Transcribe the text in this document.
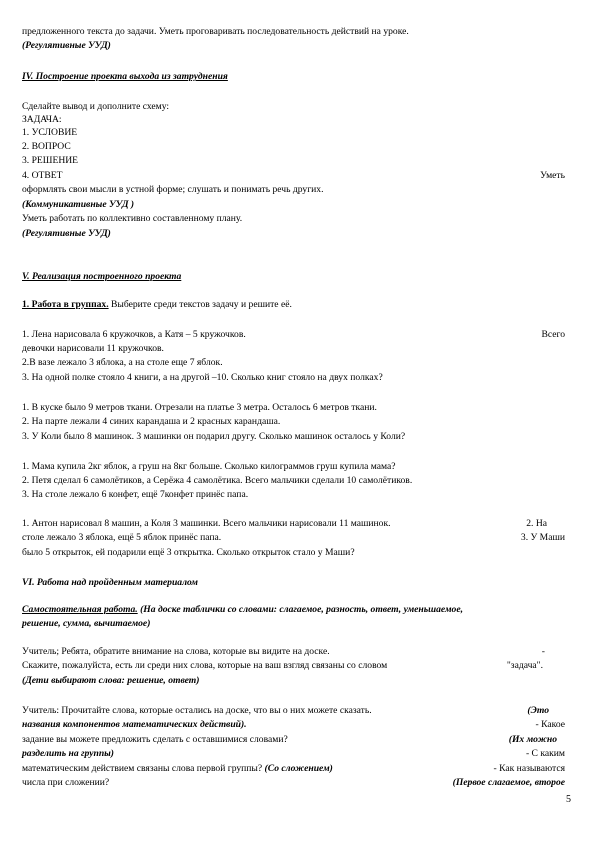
предложенного текста до задачи. Уметь проговаривать последовательность действий на уроке.

(Регулятивные УУД)

IV. Построение проекта выхода из затруднения

Сделайте вывод и дополните схему:

ЗАДАЧА:

1. УСЛОВИЕ

2. ВОПРОС

3. РЕШЕНИЕ

4. ОТВЕТ	Уметь

оформлять свои мысли в устной форме; слушать и понимать речь других.

(Коммуникативные УУД )

Уметь работать по коллективно составленному плану.

(Регулятивные УУД)

V. Реализация построенного проекта

1. Работа в группах. Выберите среди текстов задачу и решите её.

1. Лена нарисовала 6 кружочков, а Катя – 5 кружочков.	Всего

девочки нарисовали 11 кружочков.

2.В вазе лежало 3 яблока, а на столе еще 7 яблок.

3. На одной полке стояло 4 книги, а на другой –10. Сколько книг стояло на двух полках?

1. В куске было 9 метров ткани. Отрезали на платье 3 метра. Осталось 6 метров ткани.

2. На парте лежали 4 синих карандаша и 2 красных карандаша.

3. У Коли было 8 машинок. 3 машинки он подарил другу. Сколько машинок осталось у Коли?

1. Мама купила 2кг яблок, а груш на 8кг больше. Сколько килограммов груш купила мама?

2. Петя сделал 6 самолётиков, а Серёжа 4 самолётика. Всего мальчики сделали 10 самолётиков.

3. На столе лежало 6 конфет, ещё 7конфет принёс папа.

1. Антон нарисовал 8 машин, а Коля 3 машинки. Всего мальчики нарисовали 11 машинок.	2. На

столе лежало 3 яблока, ещё 5 яблок принёс папа.	3. У Маши

было 5 открыток, ей подарили ещё 3 открытка. Сколько открыток стало у Маши?

VI. Работа над пройденным материалом

Самостоятельная работа. (На доске таблички со словами: слагаемое, разность, ответ, уменьшаемое,

решение, сумма, вычитаемое)

Учитель; Ребята, обратите внимание на слова, которые вы видите на доске.	-

Скажите, пожалуйста, есть ли среди них слова, которые на ваш взгляд связаны со словом	"задача".

(Дети выбирают слова: решение, ответ)

Учитель: Прочитайте слова, которые остались на доске, что вы о них можете сказать.	(Это

названия компонентов математических действий).	- Какое

задание вы можете предложить сделать с оставшимися словами?	(Их можно

разделить на группы)	- С каким

математическим действием связаны слова первой группы? (Со сложением)	- Как называются

числа при сложении?	(Первое слагаемое, второе

5
